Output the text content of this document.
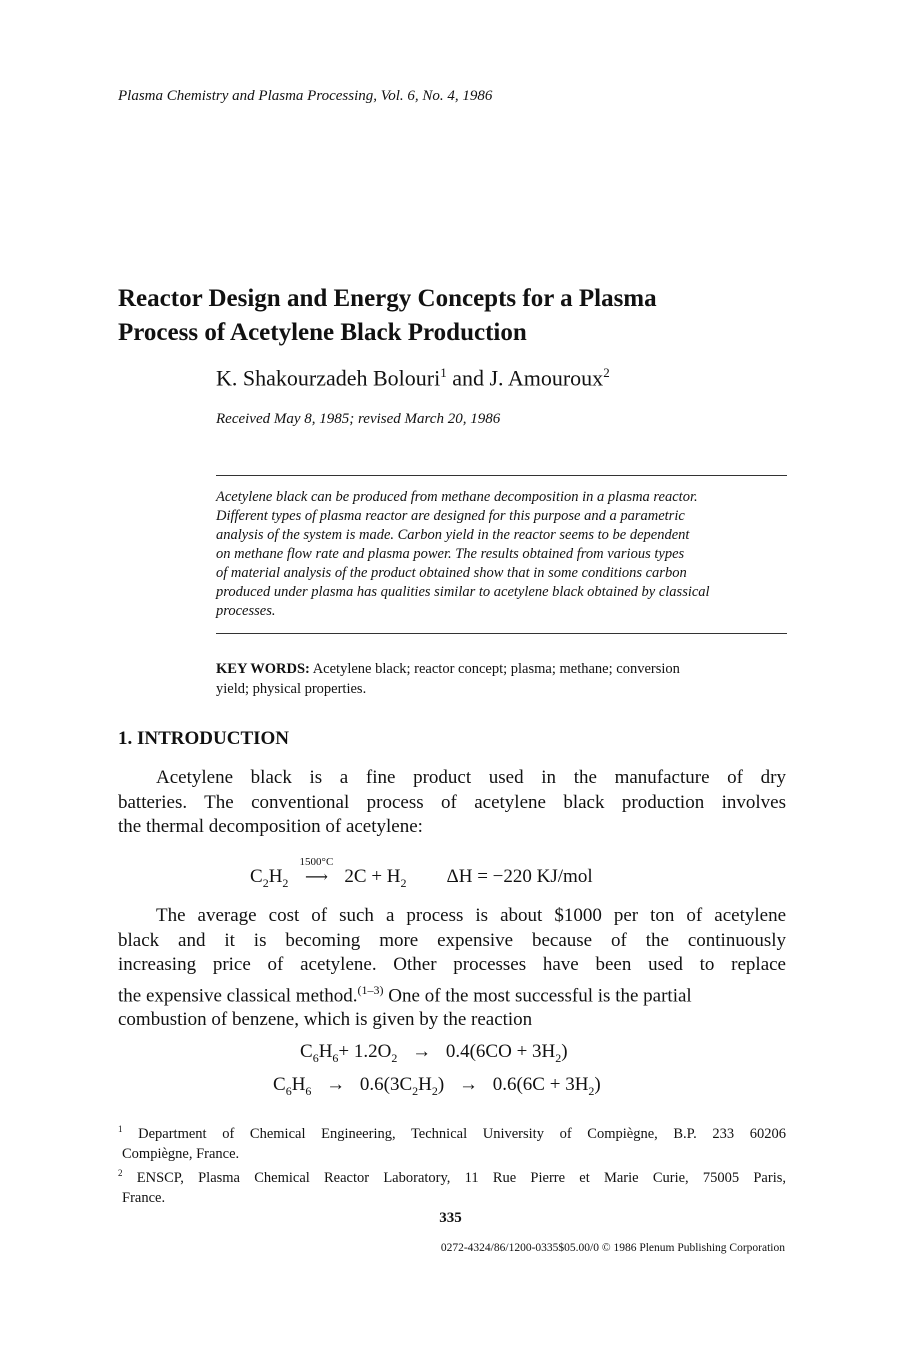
Plasma Chemistry and Plasma Processing, Vol. 6, No. 4, 1986
Reactor Design and Energy Concepts for a Plasma
Process of Acetylene Black Production
K. Shakourzadeh Bolouri$^1$ and J. Amouroux$^2$
Received May 8, 1985; revised March 20, 1986

Acetylene black can be produced from methane decomposition in a plasma reactor.
Different types of plasma reactor are designed for this purpose and a parametric
analysis of the system is made. Carbon yield in the reactor seems to be dependent
on methane flow rate and plasma power. The results obtained from various types
of material analysis of the product obtained show that in some conditions carbon
produced under plasma has qualities similar to acetylene black obtained by classical
processes.

KEY WORDS: Acetylene black; reactor concept; plasma; methane; conversion
yield; physical properties.

1. INTRODUCTION

Acetylene black is a fine product used in the manufacture of dry
batteries. The conventional process of acetylene black production involves
the thermal decomposition of acetylene:

$C_2H_2$
1500°C
⟶ $2C + H_2$ ΔH = −220 KJ/mol

The average cost of such a process is about $1000 per ton of acetylene
black and it is becoming more expensive because of the continuously
increasing price of acetylene. Other processes have been used to replace
the expensive classical method.$^{(1-3)}$ One of the most successful is the partial
combustion of benzene, which is given by the reaction

$C_6H_6+ 1.2O_2 \to 0.4(6CO + 3H_2)$
$C_6H_6 \to 0.6(3C_2H_2) \to 0.6(6C + 3H_2)$

$^1$ Department of Chemical Engineering, Technical University of Compiègne, B.P. 233 60206
Compiègne, France.

$^2$ ENSCP, Plasma Chemical Reactor Laboratory, 11 Rue Pierre et Marie Curie, 75005 Paris,
France.

335
0272-4324/86/1200-0335$05.00/0 © 1986 Plenum Publishing Corporation
